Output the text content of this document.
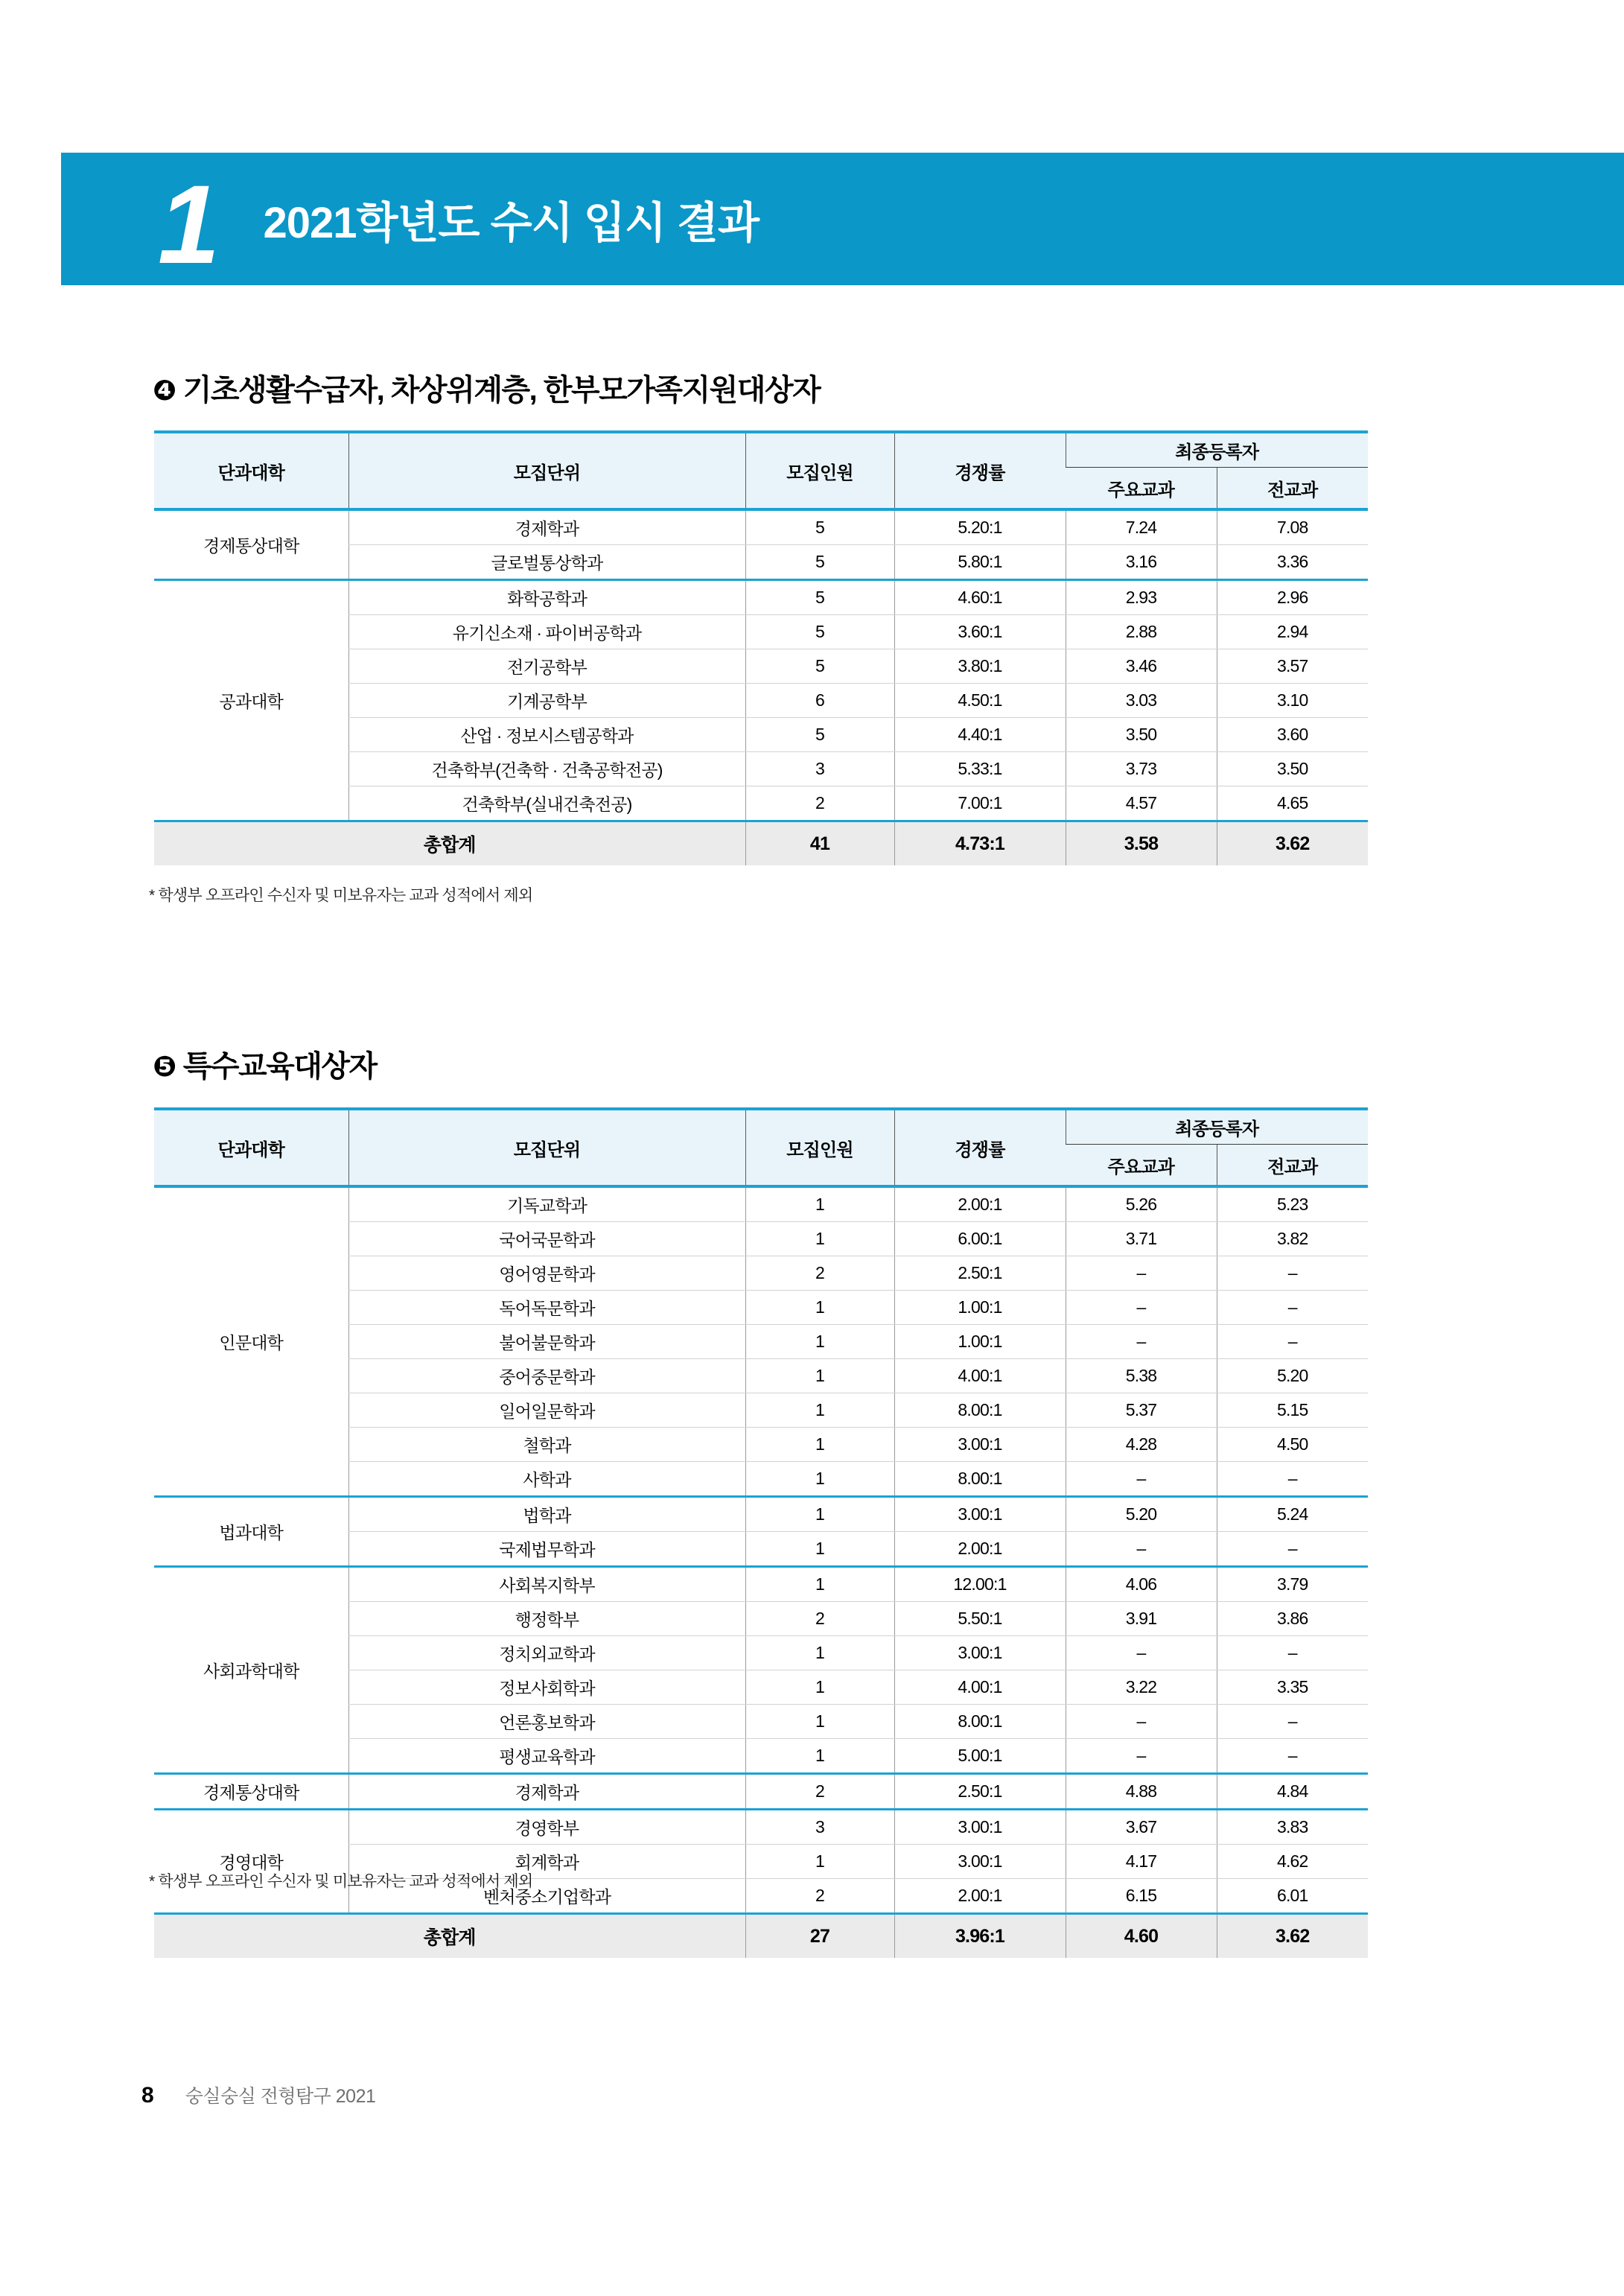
1 2021학년도 수시 입시 결과
❹ 기초생활수급자, 차상위계층, 한부모가족지원대상자
단과대학	모집단위	모집인원	경쟁률	최종등록자	
				주요교과	전교과
경제통상대학	경제학과	5	5.20:1	7.24	7.08
	글로벌통상학과	5	5.80:1	3.16	3.36
공과대학	화학공학과	5	4.60:1	2.93	2.96
	유기신소재 · 파이버공학과	5	3.60:1	2.88	2.94
	전기공학부	5	3.80:1	3.46	3.57
	기계공학부	6	4.50:1	3.03	3.10
	산업 · 정보시스템공학과	5	4.40:1	3.50	3.60
	건축학부(건축학 · 건축공학전공)	3	5.33:1	3.73	3.50
	건축학부(실내건축전공)	2	7.00:1	4.57	4.65
총합계		41	4.73:1	3.58	3.62
* 학생부 오프라인 수신자 및 미보유자는 교과 성적에서 제외
❺ 특수교육대상자
단과대학	모집단위	모집인원	경쟁률	최종등록자	
				주요교과	전교과
인문대학	기독교학과	1	2.00:1	5.26	5.23
	국어국문학과	1	6.00:1	3.71	3.82
	영어영문학과	2	2.50:1	–	–
	독어독문학과	1	1.00:1	–	–
	불어불문학과	1	1.00:1	–	–
	중어중문학과	1	4.00:1	5.38	5.20
	일어일문학과	1	8.00:1	5.37	5.15
	철학과	1	3.00:1	4.28	4.50
	사학과	1	8.00:1	–	–
법과대학	법학과	1	3.00:1	5.20	5.24
	국제법무학과	1	2.00:1	–	–
사회과학대학	사회복지학부	1	12.00:1	4.06	3.79
	행정학부	2	5.50:1	3.91	3.86
	정치외교학과	1	3.00:1	–	–
	정보사회학과	1	4.00:1	3.22	3.35
	언론홍보학과	1	8.00:1	–	–
	평생교육학과	1	5.00:1	–	–
경제통상대학	경제학과	2	2.50:1	4.88	4.84
경영대학	경영학부	3	3.00:1	3.67	3.83
	회계학과	1	3.00:1	4.17	4.62
	벤처중소기업학과	2	2.00:1	6.15	6.01
총합계		27	3.96:1	4.60	3.62
* 학생부 오프라인 수신자 및 미보유자는 교과 성적에서 제외
8 숭실숭실 전형탐구 2021
